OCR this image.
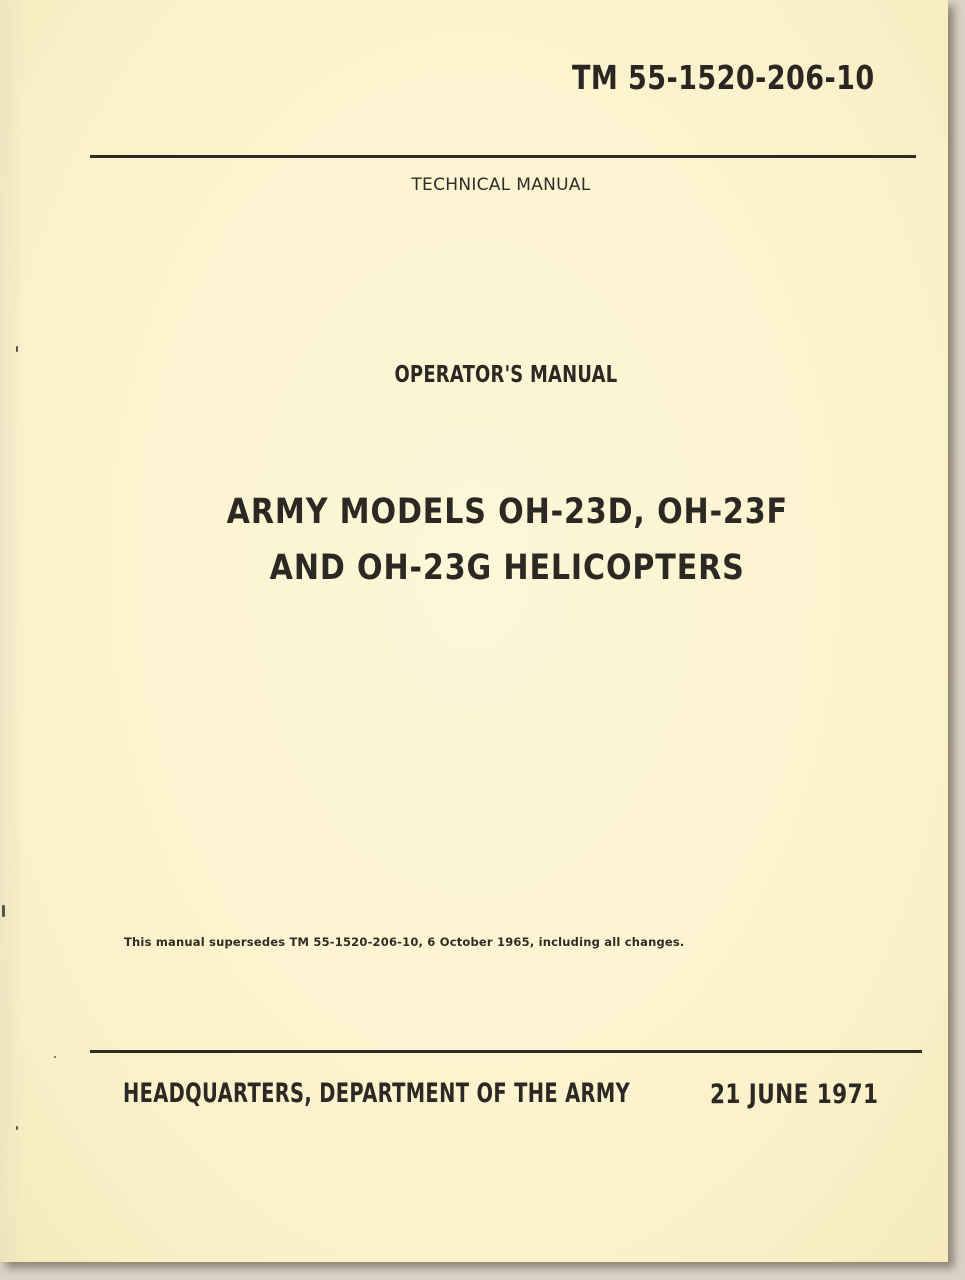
TM 55-1520-206-10
TECHNICAL MANUAL
OPERATOR'S MANUAL
ARMY MODELS OH-23D, OH-23F
AND OH-23G HELICOPTERS
This manual supersedes TM 55-1520-206-10, 6 October 1965, including all changes.
HEADQUARTERS, DEPARTMENT OF THE ARMY	21 JUNE 1971
